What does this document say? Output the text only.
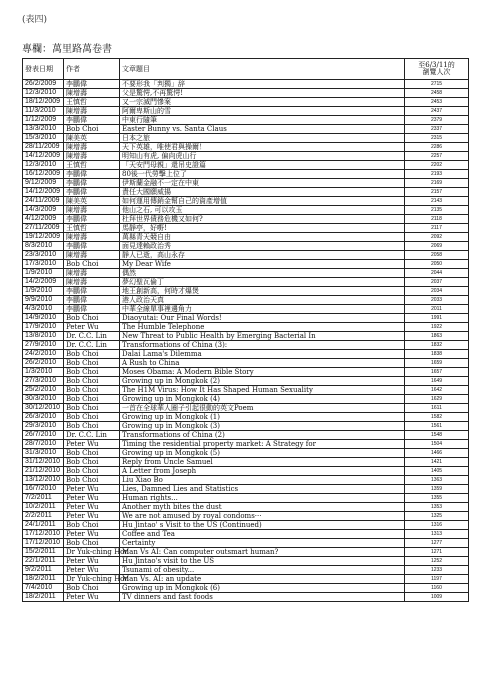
(表四)
專欄：萬里路萬卷書
發表日期	作者	文章題目	至6/3/11的
瀏覽人次
26/2/2009	李鵬偉	不要形我「判獨」辞	2715
12/3/2010	陳增壽	父是驚愕,不再驚愕!	2458
18/12/2009	王慎哲	又一宗滅門慘案	2453
11/3/2010	陳增壽	阿爾卑斯山的雪	2437
1/12/2009	李鵬偉	中東行隨筆	2379
13/3/2010	Bob Choi	Easter Bunny vs. Santa Claus	2337
15/3/2010	陳美英	日本之旅	2315
28/11/2009	陳增壽	天下英雄，唯使君與操爾！	2286
14/12/2009	陳增壽	明知山有虎, 偏向虎山行	2257
12/3/2010	王慎哲	「天安門母親」還吊史證篇	2202
16/12/2009	李鵬偉	80後一代勞擊上位了	2193
9/12/2009	李鵬偉	伊斯蘭金融不一定在中東	2169
14/12/2009	李鵬偉	責任大國願威揚	2157
24/11/2009	陳美英	如何運用傳銷金幫自己的資產增值	2143
14/3/2009	陳增壽	他山之石, 可以攻玉	2135
4/12/2009	李鵬偉	杜拜世界債務危機又如何?	2118
27/11/2009	王慎哲	馬靜亭，好嘢!	2117
19/12/2009	陳增壽	萬縣青天競自由	2092
8/3/2010	李鵬偉	面見達賴政治秀	2069
23/3/2010	陳增壽	靜人已逝，高山永存	2058
17/3/2010	Bob Choi	My Dear Wife	2050
1/9/2010	陳增壽	偶然	2044
14/2/2009	陳增壽	夢幻聖瓦倫丁	2037
1/9/2010	李鵬偉	地王創新高，何時才爆煲	2034
9/9/2010	李鵬偉	港人政治天真	2033
4/3/2010	李鵬偉	中華全線單事裡邊角力	2011
14/9/2010	Bob Choi	Diaoyutai: Our Final Words!	1991
17/9/2010	Peter Wu	The Humble Telephone	1922
13/8/2010	Dr. C.C. Lin	New Threat to Public Health by Emerging Bacterial In	1863
27/9/2010	Dr. C.C. Lin	Transformations of China (3):	1832
24/2/2010	Bob Choi	Dalai Lama's Dilemma	1838
26/2/2010	Bob Choi	A Rush to China	1659
1/3/2010	Bob Choi	Moses Obama: A Modern Bible Story	1657
27/3/2010	Bob Choi	Growing up in Mongkok (2)	1649
25/2/2010	Bob Choi	The H1M Virus: How It Has Shaped Human Sexuality	1642
30/3/2010	Bob Choi	Growing up in Mongkok (4)	1629
30/12/2010	Bob Choi	一首在全球華人圈子引起很動的英文Poem	1611
26/3/2010	Bob Choi	Growing up in Mongkok (1)	1582
29/3/2010	Bob Choi	Growing up in Mongkok (3)	1561
26/7/2010	Dr. C.C. Lin	Transformations of China (2)	1548
28/7/2010	Peter Wu	Timing the residential property market: A Strategy for	1504
31/3/2010	Bob Choi	Growing up in Mongkok (5)	1466
31/12/2010	Bob Choi	Reply from Uncle Samuel	1421
21/12/2010	Bob Choi	A Letter from Joseph	1405
13/12/2010	Bob Choi	Liu Xiao Bo	1363
16/7/2010	Peter Wu	Lies, Damned Lies and Statistics	1359
7/2/2011	Peter Wu	Human rights...	1355
10/2/2011	Peter Wu	Another myth bites the dust	1353
2/2/2011	Peter Wu	We are not amused by royal condoms···	1325
24/1/2011	Bob Choi	Hu Jintao' s Visit to the US (Continued)	1316
17/12/2010	Peter Wu	Coffee and Tea	1313
17/12/2010	Bob Choi	Certainty	1277
15/2/2011	Dr Yuk-ching Hon	Man Vs AI: Can computer outsmart human?	1271
22/1/2011	Peter Wu	Hu Jintao's visit to the US	1252
9/2/2011	Peter Wu	Tsunami of obesity...	1233
18/2/2011	Dr Yuk-ching Hon	Man Vs. AI: an update	1197
7/4/2010	Bob Choi	Growing up in Mongkok (6)	1160
18/2/2011	Peter Wu	TV dinners and fast foods	1009
